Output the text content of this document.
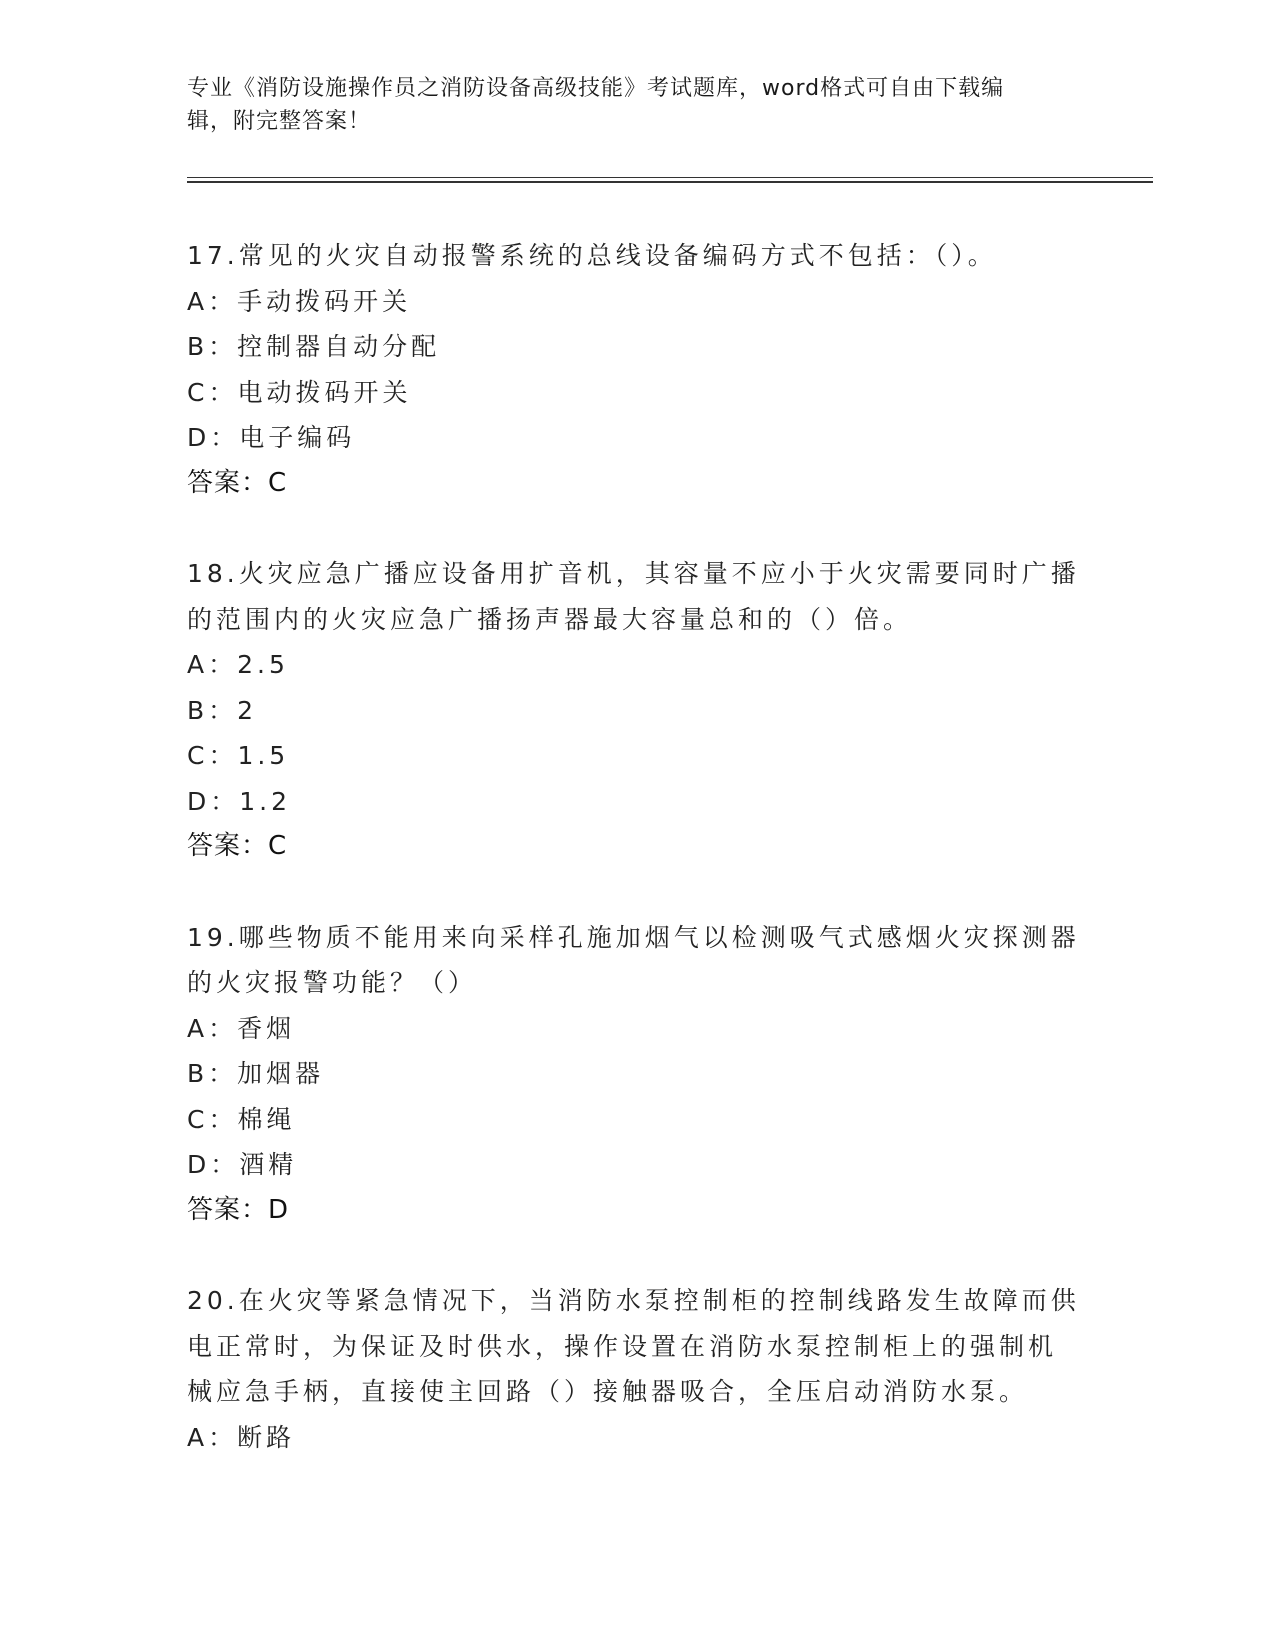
专业《消防设施操作员之消防设备高级技能》考试题库，word格式可自由下载编
辑，附完整答案！
17.常见的火灾自动报警系统的总线设备编码方式不包括：（）。
A：手动拨码开关
B：控制器自动分配
C：电动拨码开关
D：电子编码
答案：C
18.火灾应急广播应设备用扩音机，其容量不应小于火灾需要同时广播
的范围内的火灾应急广播扬声器最大容量总和的（）倍。
A：2.5
B：2
C：1.5
D：1.2
答案：C
19.哪些物质不能用来向采样孔施加烟气以检测吸气式感烟火灾探测器
的火灾报警功能？（）
A：香烟
B：加烟器
C：棉绳
D：酒精
答案：D
20.在火灾等紧急情况下，当消防水泵控制柜的控制线路发生故障而供
电正常时，为保证及时供水，操作设置在消防水泵控制柜上的强制机
械应急手柄，直接使主回路（）接触器吸合，全压启动消防水泵。
A：断路
